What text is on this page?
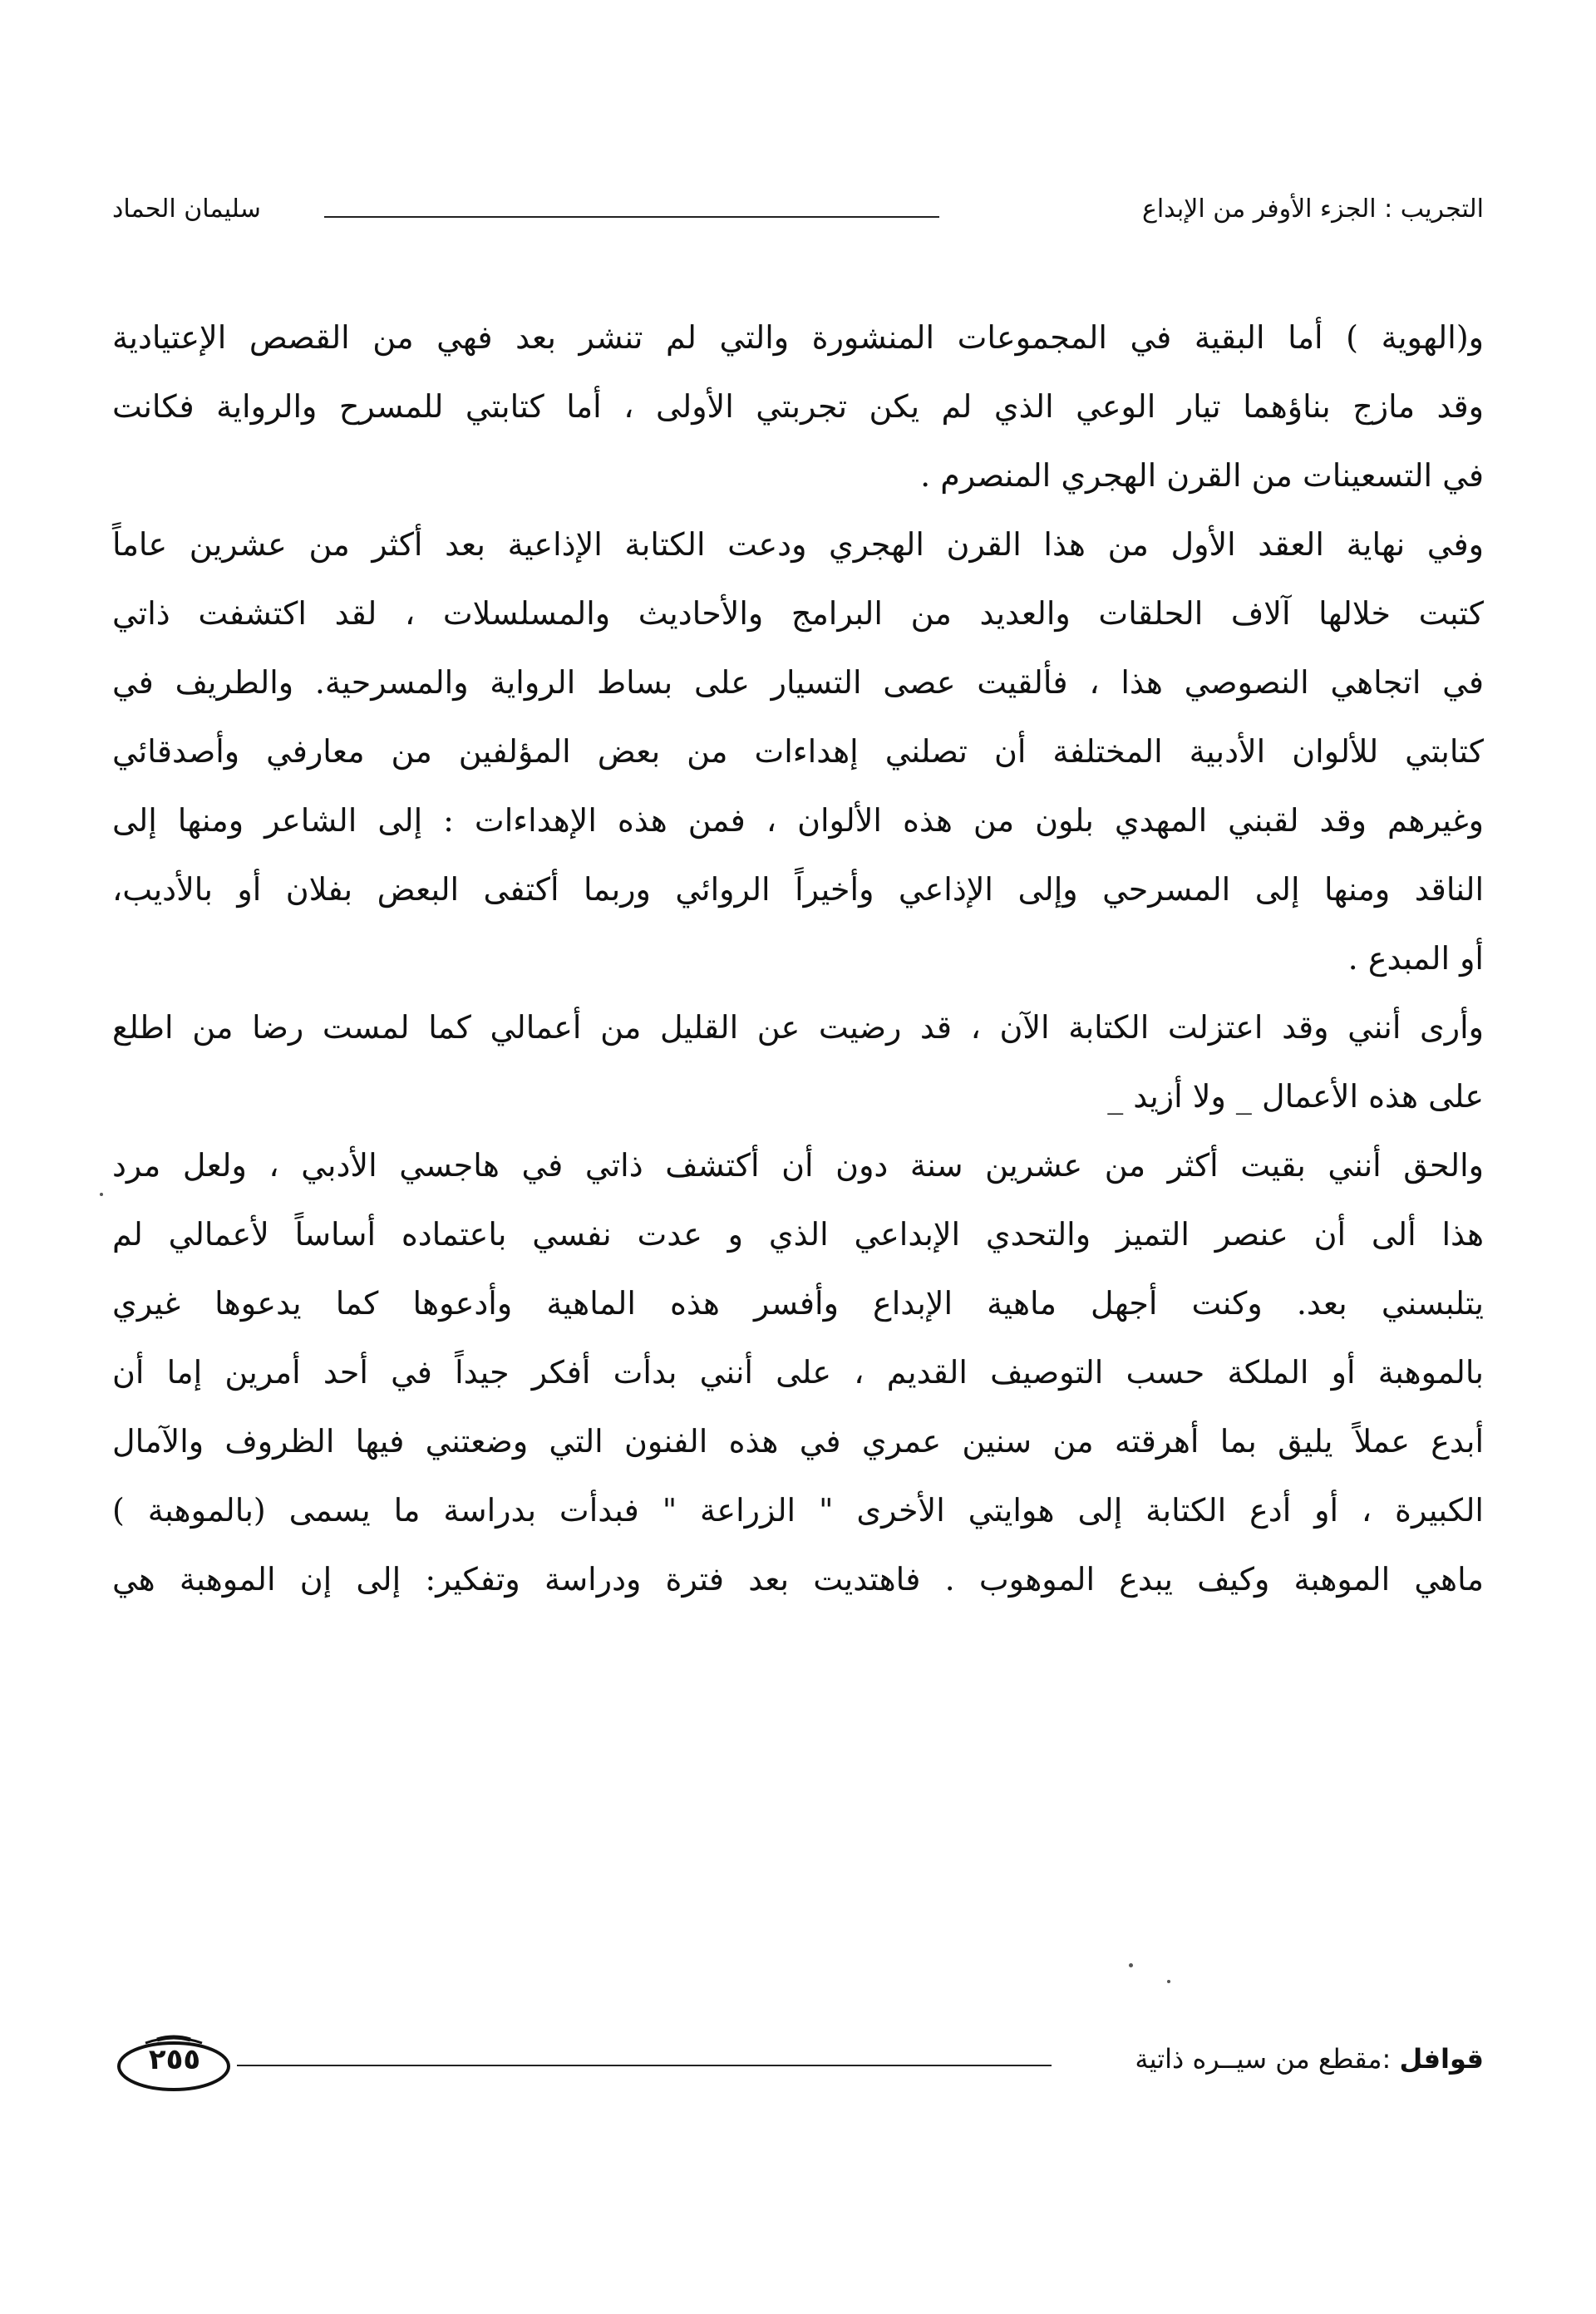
التجريب : الجزء الأوفر من الإبداع
سليمان الحماد
و(الهوية ) أما البقية في المجموعات المنشورة والتي لم تنشر بعد فهي من القصص الإعتيادية
وقد مازج بناؤهما تيار الوعي الذي لم يكن تجربتي الأولى ، أما كتابتي للمسرح والرواية فكانت
في التسعينات من القرن الهجري المنصرم .
وفي نهاية العقد الأول من هذا القرن الهجري ودعت الكتابة الإذاعية بعد أكثر من عشرين عاماً
كتبت خلالها آلاف الحلقات والعديد من البرامج والأحاديث والمسلسلات ، لقد اكتشفت ذاتي
في اتجاهي النصوصي هذا ، فألقيت عصى التسيار على بساط الرواية والمسرحية. والطريف في
كتابتي للألوان الأدبية المختلفة أن تصلني إهداءات من بعض المؤلفين من معارفي وأصدقائي
وغيرهم وقد لقبني المهدي بلون من هذه الألوان ، فمن هذه الإهداءات : إلى الشاعر ومنها إلى
الناقد ومنها إلى المسرحي وإلى الإذاعي وأخيراً الروائي وربما أكتفى البعض بفلان أو بالأديب،
أو المبدع .
وأرى أنني وقد اعتزلت الكتابة الآن ، قد رضيت عن القليل من أعمالي كما لمست رضا من اطلع
على هذه الأعمال _ ولا أزيد _
والحق أنني بقيت أكثر من عشرين سنة دون أن أكتشف ذاتي في هاجسي الأدبي ، ولعل مرد
هذا ألى أن عنصر التميز والتحدي الإبداعي الذي و عدت نفسي باعتماده أساساً لأعمالي لم
يتلبسني بعد. وكنت أجهل ماهية الإبداع وأفسر هذه الماهية وأدعوها كما يدعوها غيري
بالموهبة أو الملكة حسب التوصيف القديم ، على أنني بدأت أفكر جيداً في أحد أمرين إما أن
أبدع عملاً يليق بما أهرقته من سنين عمري في هذه الفنون التي وضعتني فيها الظروف والآمال
الكبيرة ، أو أدع الكتابة إلى هوايتي الأخرى " الزراعة " فبدأت بدراسة ما يسمى (بالموهبة )
ماهي الموهبة وكيف يبدع الموهوب . فاهتديت بعد فترة ودراسة وتفكير: إلى إن الموهبة هي
قوافل :مقطع من سيــره ذاتية
٢٥٥
